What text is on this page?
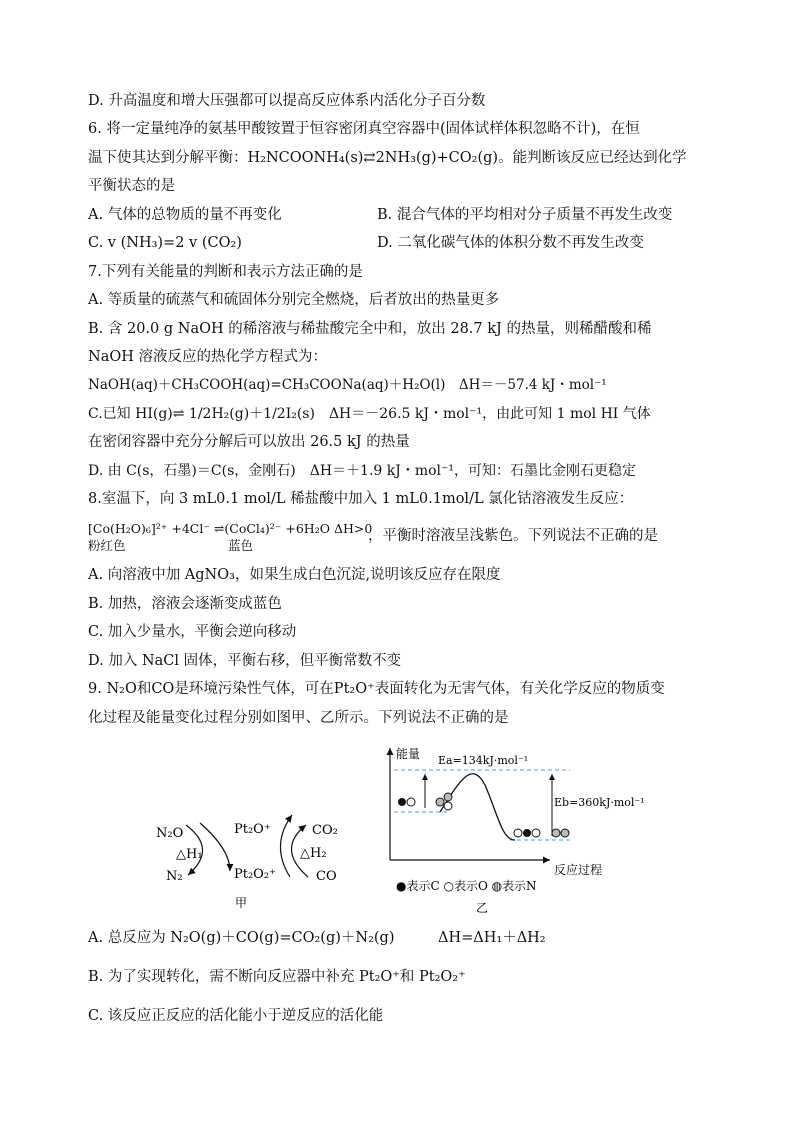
D. 升高温度和增大压强都可以提高反应体系内活化分子百分数
6. 将一定量纯净的氨基甲酸铵置于恒容密闭真空容器中(固体试样体积忽略不计)，在恒
温下使其达到分解平衡：H₂NCOONH₄(s)⇄2NH₃(g)+CO₂(g)。能判断该反应已经达到化学
平衡状态的是
A. 气体的总物质的量不再变化	B. 混合气体的平均相对分子质量不再发生改变
C. v (NH₃)=2 v (CO₂)	D. 二氧化碳气体的体积分数不再发生改变
7.下列有关能量的判断和表示方法正确的是
A. 等质量的硫蒸气和硫固体分别完全燃烧，后者放出的热量更多
B. 含 20.0 g NaOH 的稀溶液与稀盐酸完全中和，放出 28.7 kJ 的热量，则稀醋酸和稀
NaOH 溶液反应的热化学方程式为：
NaOH(aq)＋CH₃COOH(aq)=CH₃COONa(aq)＋H₂O(l)　ΔH＝－57.4 kJ・mol⁻¹
C.已知 HI(g)⇌ 1/2H₂(g)＋1/2I₂(s)　ΔH＝－26.5 kJ・mol⁻¹，由此可知 1 mol HI 气体
在密闭容器中充分分解后可以放出 26.5 kJ 的热量
D. 由 C(s，石墨)＝C(s，金刚石)　ΔH＝＋1.9 kJ・mol⁻¹，可知：石墨比金刚石更稳定
8.室温下，向 3 mL0.1 mol/L 稀盐酸中加入 1 mL0.1mol/L 氯化钴溶液发生反应：
[Co(H₂O)₆]²⁺ +4Cl⁻ ⇌(CoCl₄)²⁻ +6H₂O ΔH>0
粉红色	蓝色
，平衡时溶液呈浅紫色。下列说法不正确的是
A. 向溶液中加 AgNO₃，如果生成白色沉淀,说明该反应存在限度
B. 加热，溶液会逐渐变成蓝色
C. 加入少量水，平衡会逆向移动
D. 加入 NaCl 固体，平衡右移，但平衡常数不变
9. N₂O和CO是环境污染性气体，可在Pt₂O⁺表面转化为无害气体，有关化学反应的物质变
化过程及能量变化过程分别如图甲、乙所示。下列说法不正确的是
N₂O
N₂
Pt₂O⁺
Pt₂O₂⁺
CO₂
CO
△H₁	△H₂
甲
能量
反应过程
Ea=134kJ·mol⁻¹
Eb=360kJ·mol⁻¹
●表示C ○表示O ◍表示N
乙
A. 总反应为 N₂O(g)＋CO(g)=CO₂(g)＋N₂(g)　　　ΔH=ΔH₁＋ΔH₂
B. 为了实现转化，需不断向反应器中补充 Pt₂O⁺和 Pt₂O₂⁺
C. 该反应正反应的活化能小于逆反应的活化能
